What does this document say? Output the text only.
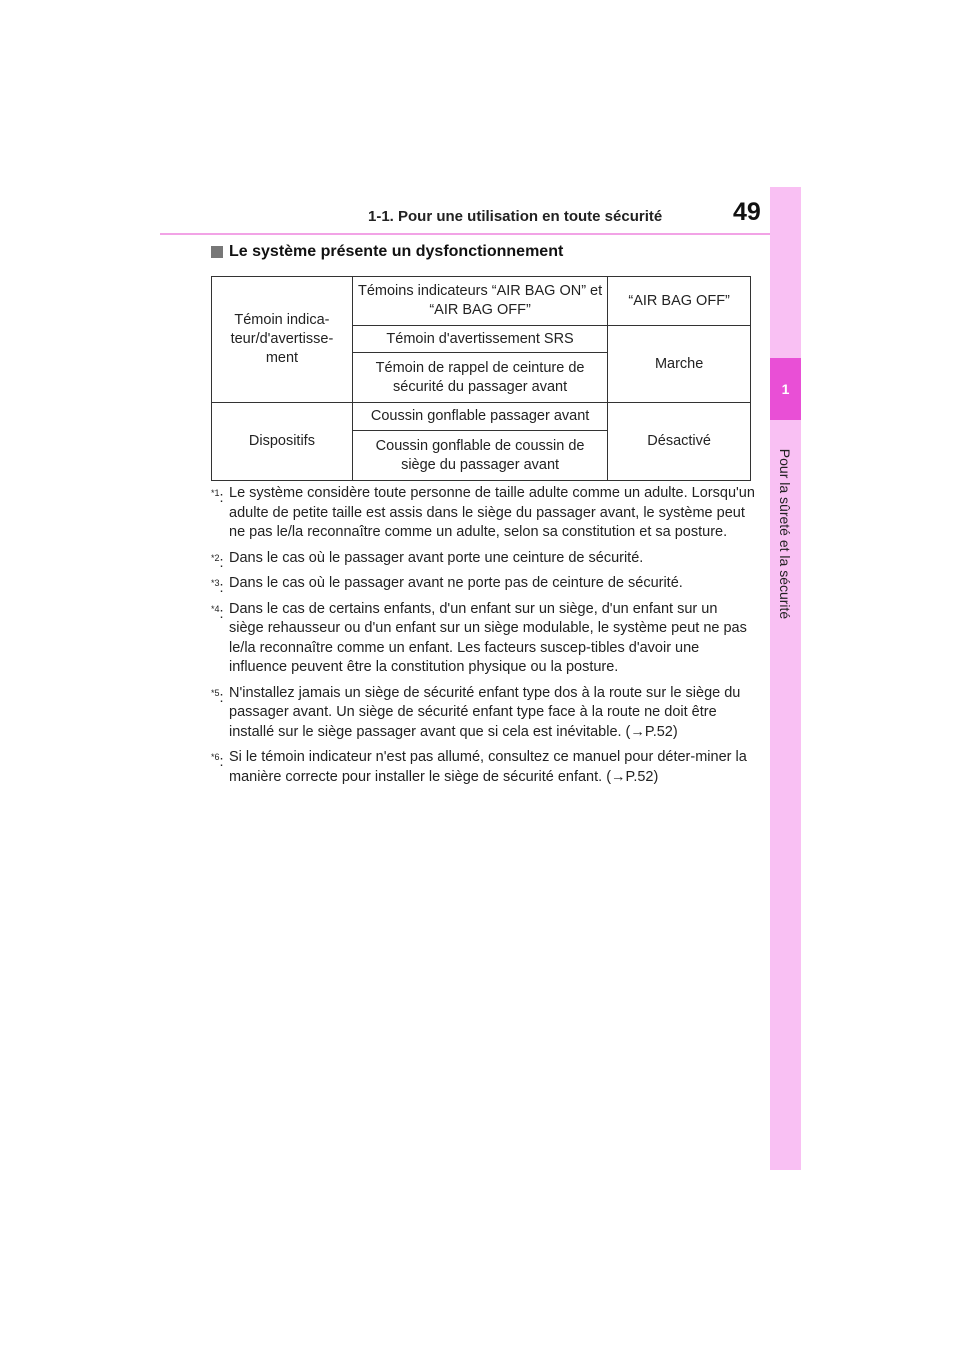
1
Pour la sûreté et la sécurité
1-1. Pour une utilisation en toute sécurité	49
Le système présente un dysfonctionnement
Témoin indica-teur/d'avertisse-ment	Témoins indicateurs “AIR BAG ON” et “AIR BAG OFF”	“AIR BAG OFF”
	Témoin d'avertissement SRS	Marche
	Témoin de rappel de ceinture de sécurité du passager avant	
Dispositifs	Coussin gonflable passager avant	Désactivé
	Coussin gonflable de coussin de siège du passager avant	
$^{*1}$: Le système considère toute personne de taille adulte comme un adulte. Lorsqu'un adulte de petite taille est assis dans le siège du passager avant, le système peut ne pas le/la reconnaître comme un adulte, selon sa constitution et sa posture.
$^{*2}$: Dans le cas où le passager avant porte une ceinture de sécurité.
$^{*3}$: Dans le cas où le passager avant ne porte pas de ceinture de sécurité.
$^{*4}$: Dans le cas de certains enfants, d'un enfant sur un siège, d'un enfant sur un siège rehausseur ou d'un enfant sur un siège modulable, le système peut ne pas le/la reconnaître comme un enfant. Les facteurs suscep-tibles d'avoir une influence peuvent être la constitution physique ou la posture.
$^{*5}$: N'installez jamais un siège de sécurité enfant type dos à la route sur le siège du passager avant. Un siège de sécurité enfant type face à la route ne doit être installé sur le siège passager avant que si cela est inévitable. (→P.52)
$^{*6}$: Si le témoin indicateur n'est pas allumé, consultez ce manuel pour déter-miner la manière correcte pour installer le siège de sécurité enfant. (→P.52)
